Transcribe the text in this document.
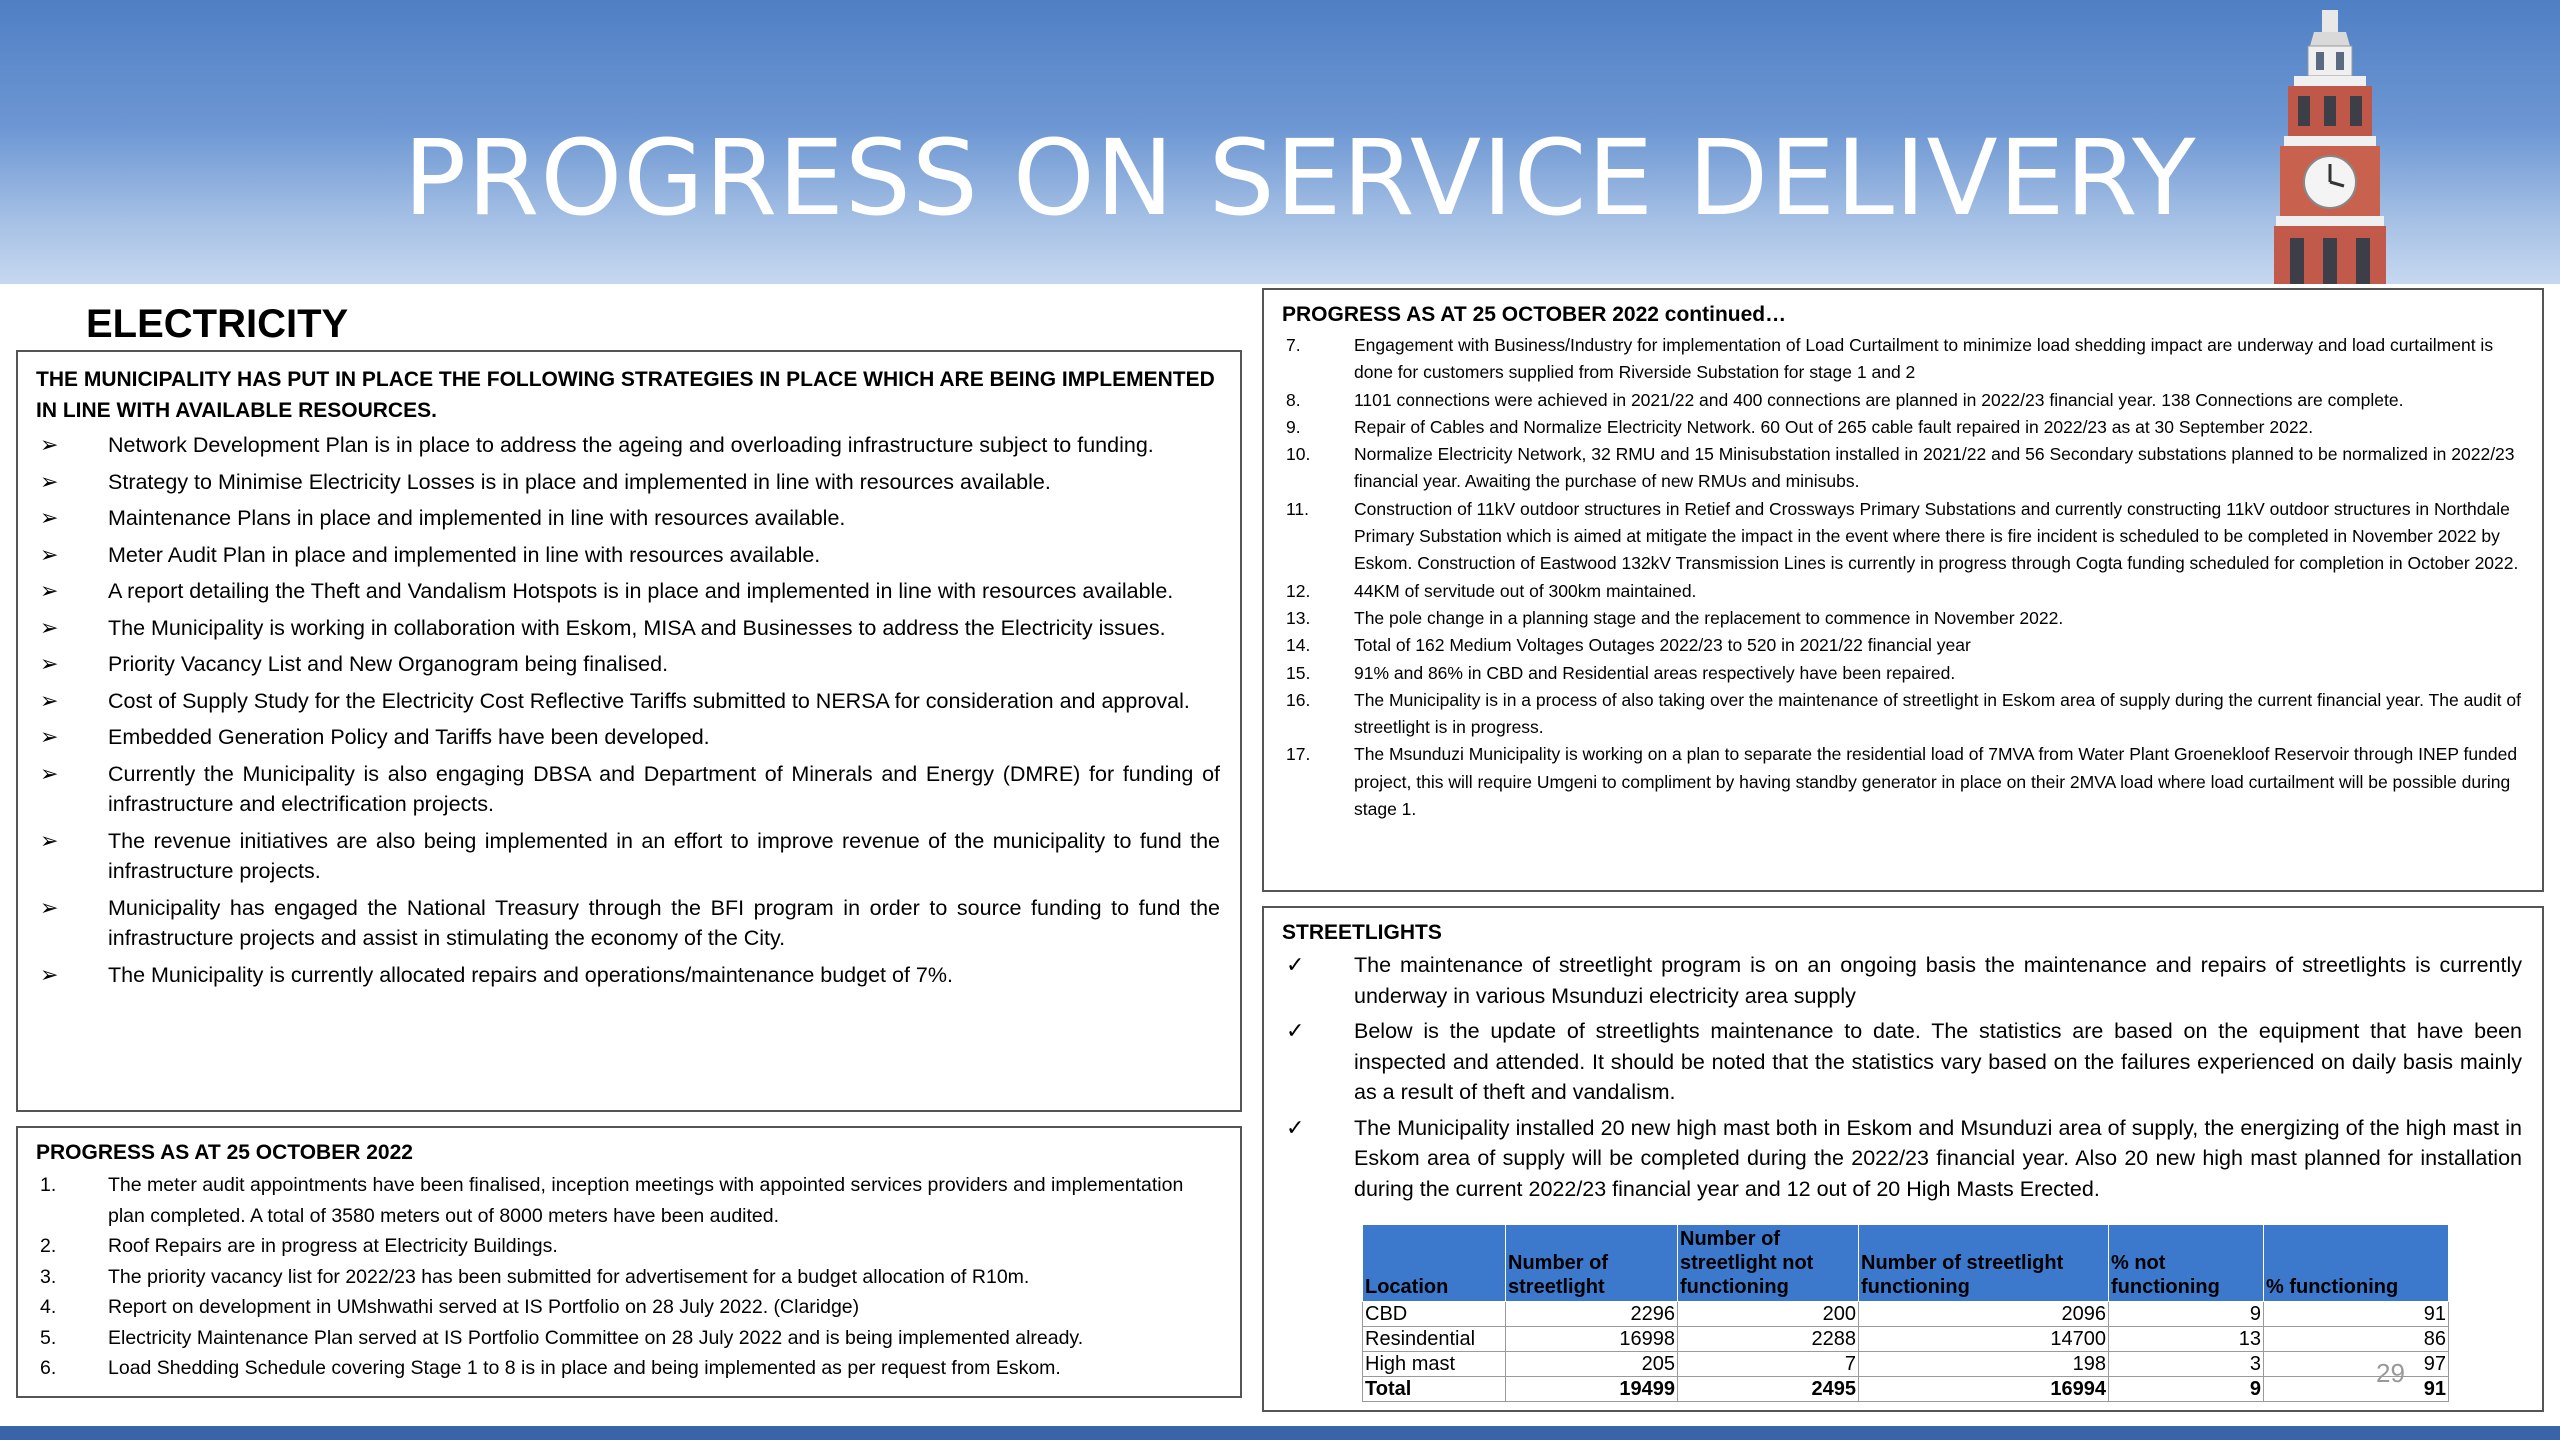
PROGRESS ON SERVICE DELIVERY
ELECTRICITY
THE MUNICIPALITY HAS PUT IN PLACE THE FOLLOWING STRATEGIES IN PLACE WHICH ARE BEING IMPLEMENTED IN LINE WITH AVAILABLE RESOURCES.
➢ Network Development Plan is in place to address the ageing and overloading infrastructure subject to funding.
➢ Strategy to Minimise Electricity Losses is in place and implemented in line with resources available.
➢ Maintenance Plans in place and implemented in line with resources available.
➢ Meter Audit Plan in place and implemented in line with resources available.
➢ A report detailing the Theft and Vandalism Hotspots is in place and implemented in line with resources available.
➢ The Municipality is working in collaboration with Eskom, MISA and Businesses to address the Electricity issues.
➢ Priority Vacancy List and New Organogram being finalised.
➢ Cost of Supply Study for the Electricity Cost Reflective Tariffs submitted to NERSA for consideration and approval.
➢ Embedded Generation Policy and Tariffs have been developed.
➢ Currently the Municipality is also engaging DBSA and Department of Minerals and Energy (DMRE) for funding of infrastructure and electrification projects.
➢ The revenue initiatives are also being implemented in an effort to improve revenue of the municipality to fund the infrastructure projects.
➢ Municipality has engaged the National Treasury through the BFI program in order to source funding to fund the infrastructure projects and assist in stimulating the economy of the City.
➢ The Municipality is currently allocated repairs and operations/maintenance budget of 7%.
PROGRESS AS AT 25 OCTOBER 2022
1.	The meter audit appointments have been finalised, inception meetings with appointed services providers and implementation plan completed. A total of 3580 meters out of 8000 meters have been audited.
2.	Roof Repairs are in progress at Electricity Buildings.
3.	The priority vacancy list for 2022/23 has been submitted for advertisement for a budget allocation of R10m.
4.	Report on development in UMshwathi served at IS Portfolio on 28 July 2022. (Claridge)
5.	Electricity Maintenance Plan served at IS Portfolio Committee on 28 July 2022 and is being implemented already.
6.	Load Shedding Schedule covering Stage 1 to 8 is in place and being implemented as per request from Eskom.
PROGRESS AS AT 25 OCTOBER 2022 continued…
7.	Engagement with Business/Industry for implementation of Load Curtailment to minimize load shedding impact are underway and load curtailment is done for customers supplied from Riverside Substation for stage 1 and 2
8.	1101 connections were achieved in 2021/22 and 400 connections are planned in 2022/23 financial year. 138 Connections are complete.
9.	Repair of Cables and Normalize Electricity Network. 60 Out of 265 cable fault repaired in 2022/23 as at 30 September 2022.
10. Normalize Electricity Network, 32 RMU and 15 Minisubstation installed in 2021/22 and 56 Secondary substations planned to be normalized in 2022/23 financial year. Awaiting the purchase of new RMUs and minisubs.
11.	Construction of 11kV outdoor structures in Retief and Crossways Primary Substations and currently constructing 11kV outdoor structures in Northdale Primary Substation which is aimed at mitigate the impact in the event where there is fire incident is scheduled to be completed in November 2022 by Eskom. Construction of Eastwood 132kV Transmission Lines is currently in progress through Cogta funding scheduled for completion in October 2022.
12. 44KM of servitude out of 300km maintained.
13. The pole change in a planning stage and the replacement to commence in November 2022.
14. Total of 162 Medium Voltages Outages 2022/23 to 520 in 2021/22 financial year
15. 91% and 86% in CBD and Residential areas respectively have been repaired.
16. The Municipality is in a process of also taking over the maintenance of streetlight in Eskom area of supply during the current financial year. The audit of streetlight is in progress.
17. The Msunduzi Municipality is working on a plan to separate the residential load of 7MVA from Water Plant Groenekloof Reservoir through INEP funded project, this will require Umgeni to compliment by having standby generator in place on their 2MVA load where load curtailment will be possible during stage 1.
STREETLIGHTS
✓ The maintenance of streetlight program is on an ongoing basis the maintenance and repairs of streetlights is currently underway in various Msunduzi electricity area supply
✓ Below is the update of streetlights maintenance to date. The statistics are based on the equipment that have been inspected and attended. It should be noted that the statistics vary based on the failures experienced on daily basis mainly as a result of theft and vandalism.
✓ The Municipality installed 20 new high mast both in Eskom and Msunduzi area of supply, the energizing of the high mast in Eskom area of supply will be completed during the 2022/23 financial year. Also 20 new high mast planned for installation during the current 2022/23 financial year and 12 out of 20 High Masts Erected.
Location	Number of streetlight	Number of streetlight not functioning	Number of streetlight functioning	% not functioning	% functioning
CBD	2296	200	2096	9	91
Resindential	16998	2288	14700	13	86
High mast	205	7	198	3	97
Total	19499	2495	16994	9	91
29
